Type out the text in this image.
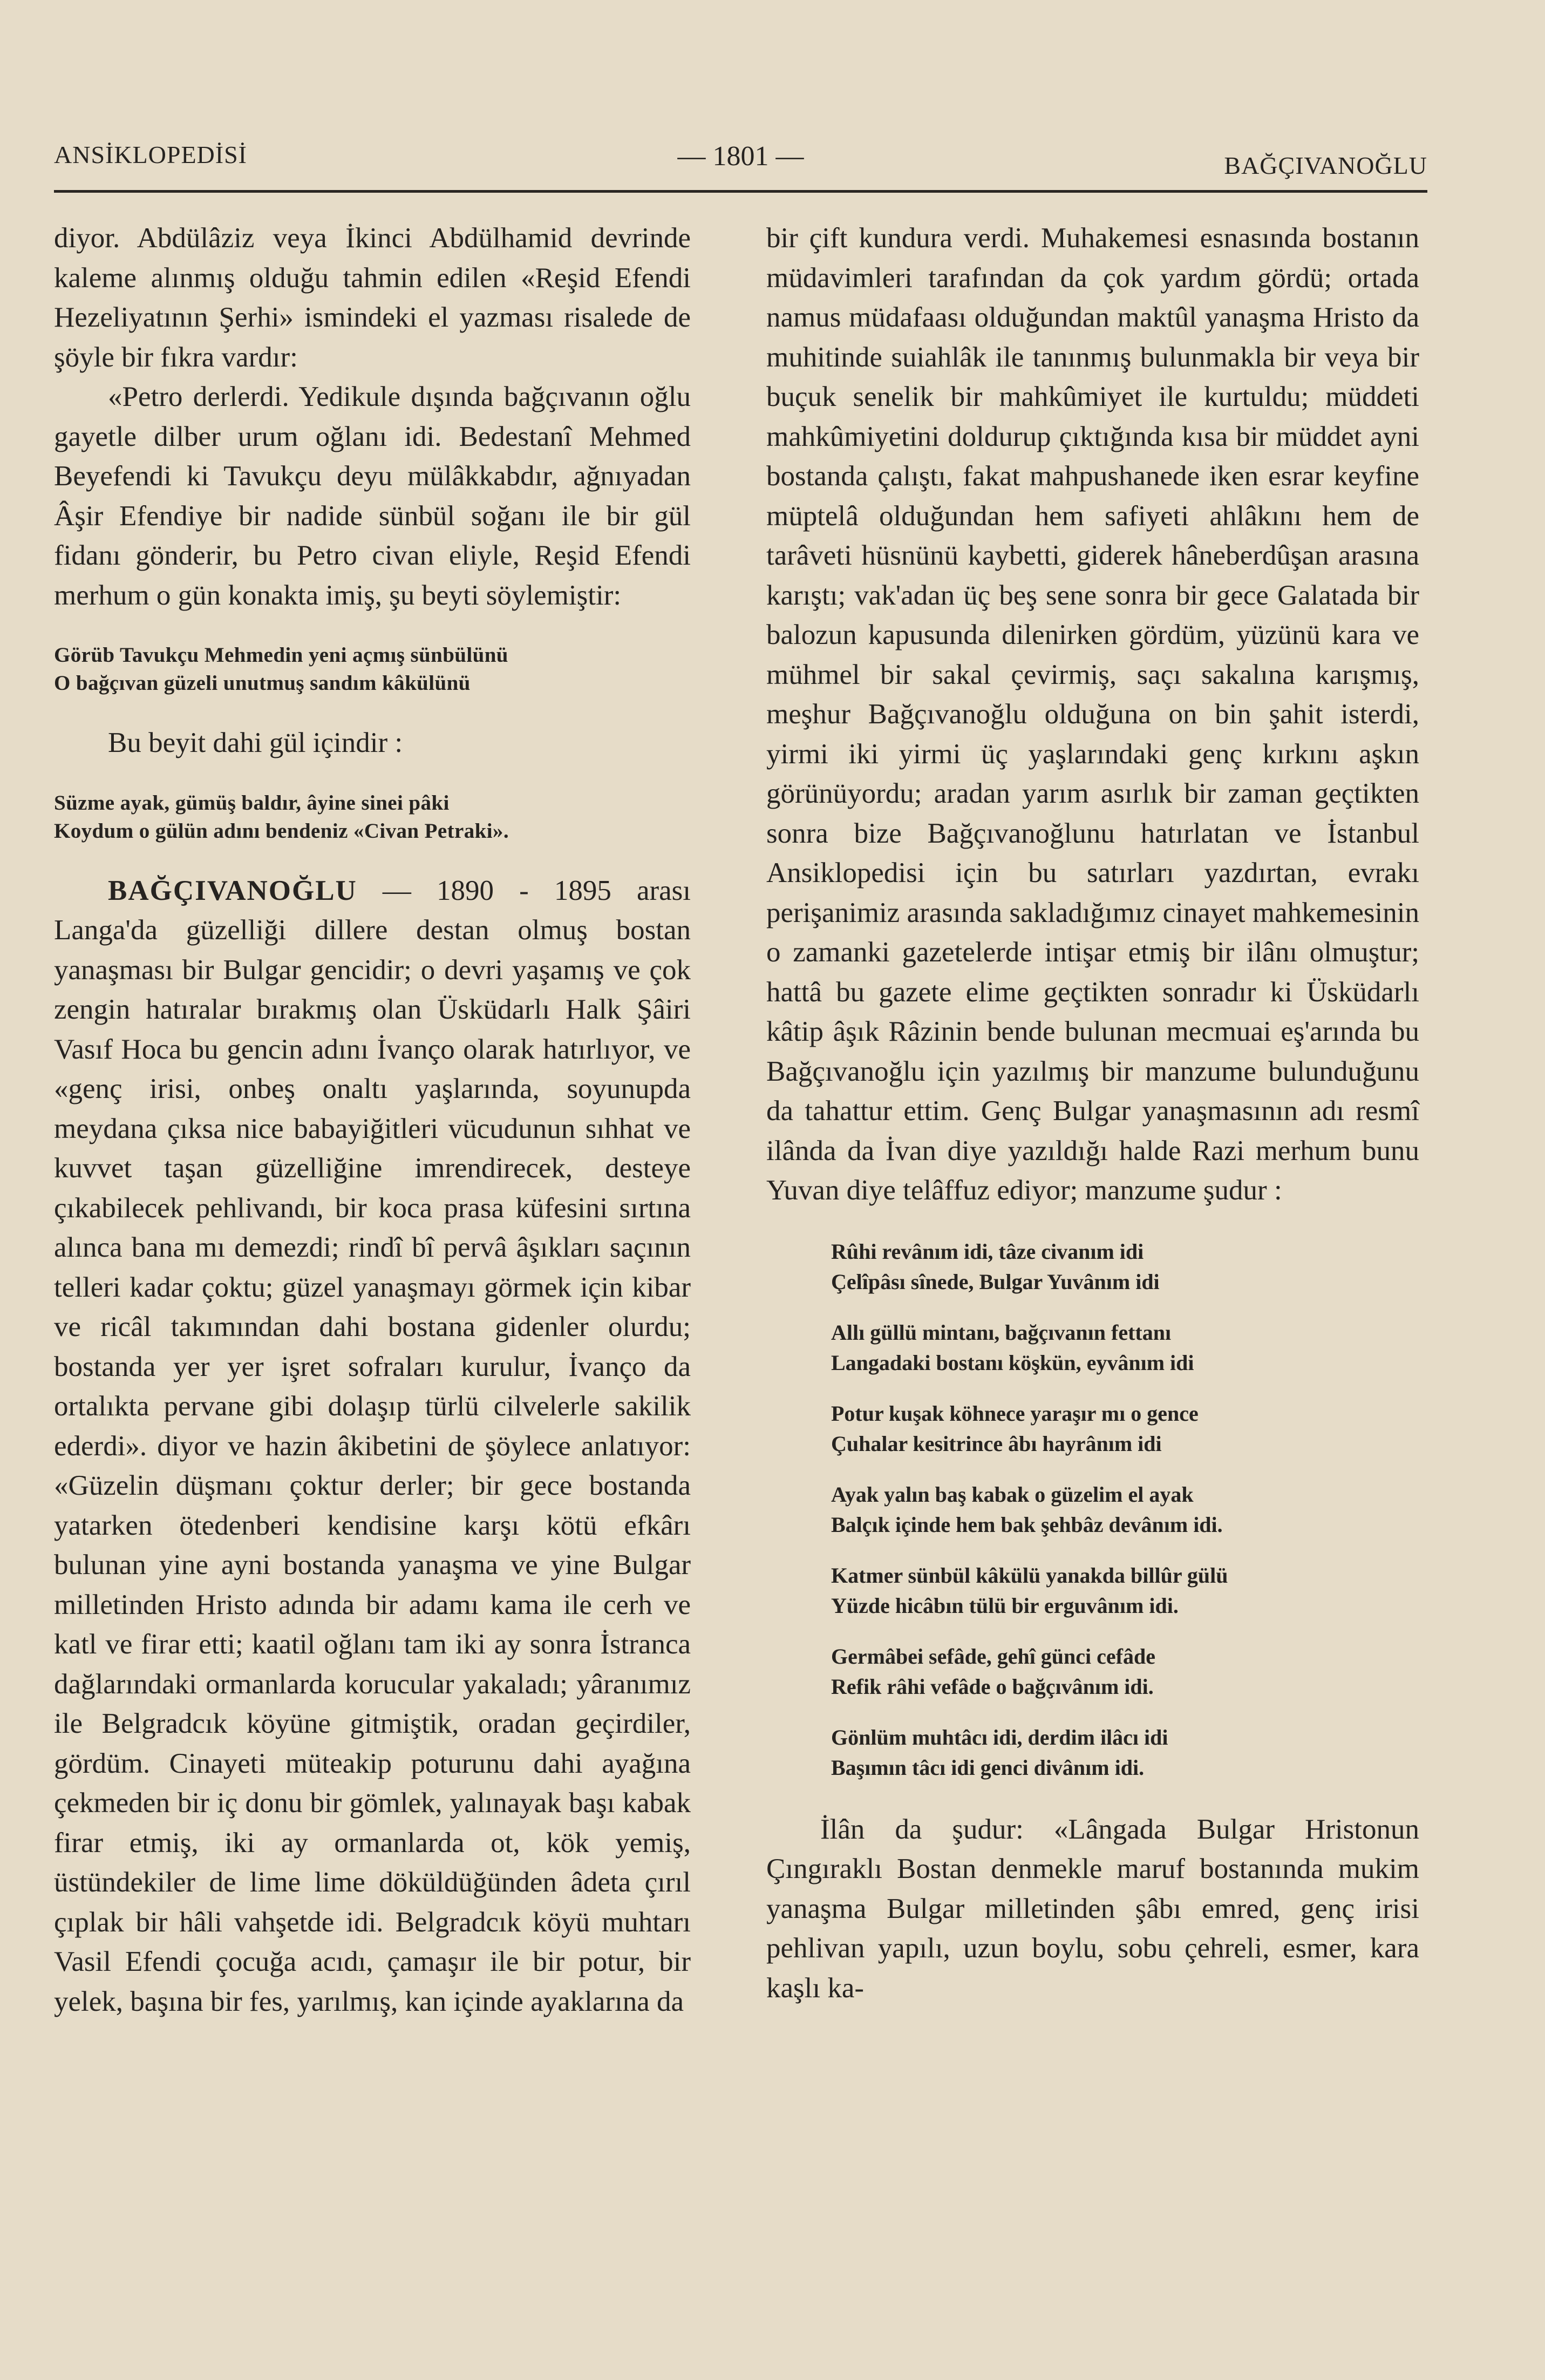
ANSİKLOPEDİSİ	— 1801 —	BAĞÇIVANOĞLU

diyor. Abdülâziz veya İkinci Abdülhamid devrinde kaleme alınmış olduğu tahmin edilen «Reşid Efendi Hezeliyatının Şerhi» ismindeki el yazması risalede de şöyle bir fıkra vardır:

«Petro derlerdi. Yedikule dışında bağçıvanın oğlu gayetle dilber urum oğlanı idi. Bedestanî Mehmed Beyefendi ki Tavukçu deyu mülâkkabdır, ağnıyadan Âşir Efendiye bir nadide sünbül soğanı ile bir gül fidanı gönderir, bu Petro civan eliyle, Reşid Efendi merhum o gün konakta imiş, şu beyti söylemiştir:

Görüb Tavukçu Mehmedin yeni açmış sünbülünü
O bağçıvan güzeli unutmuş sandım kâkülünü

Bu beyit dahi gül içindir :

Süzme ayak, gümüş baldır, âyine sinei pâki
Koydum o gülün adını bendeniz «Civan Petraki».

BAĞÇIVANOĞLU — 1890 - 1895 arası Langa'da güzelliği dillere destan olmuş bostan yanaşması bir Bulgar gencidir; o devri yaşamış ve çok zengin hatıralar bırakmış olan Üsküdarlı Halk Şâiri Vasıf Hoca bu gencin adını İvanço olarak hatırlıyor, ve «genç irisi, onbeş onaltı yaşlarında, soyunupda meydana çıksa nice babayiğitleri vücudunun sıhhat ve kuvvet taşan güzelliğine imrendirecek, desteye çıkabilecek pehlivandı, bir koca prasa küfesini sırtına alınca bana mı demezdi; rindî bî pervâ âşıkları saçının telleri kadar çoktu; güzel yanaşmayı görmek için kibar ve ricâl takımından dahi bostana gidenler olurdu; bostanda yer yer işret sofraları kurulur, İvanço da ortalıkta pervane gibi dolaşıp türlü cilvelerle sakilik ederdi». diyor ve hazin âkibetini de şöylece anlatıyor: «Güzelin düşmanı çoktur derler; bir gece bostanda yatarken ötedenberi kendisine karşı kötü efkârı bulunan yine ayni bostanda yanaşma ve yine Bulgar milletinden Hristo adında bir adamı kama ile cerh ve katl ve firar etti; kaatil oğlanı tam iki ay sonra İstranca dağlarındaki ormanlarda korucular yakaladı; yâranımız ile Belgradcık köyüne gitmiştik, oradan geçirdiler, gördüm. Cinayeti müteakip poturunu dahi ayağına çekmeden bir iç donu bir gömlek, yalınayak başı kabak firar etmiş, iki ay ormanlarda ot, kök yemiş, üstündekiler de lime lime döküldüğünden âdeta çırıl çıplak bir hâli vahşetde idi. Belgradcık köyü muhtarı Vasil Efendi çocuğa acıdı, çamaşır ile bir potur, bir yelek, başına bir fes, yarılmış, kan içinde ayaklarına da

bir çift kundura verdi. Muhakemesi esnasında bostanın müdavimleri tarafından da çok yardım gördü; ortada namus müdafaası olduğundan maktûl yanaşma Hristo da muhitinde suiahlâk ile tanınmış bulunmakla bir veya bir buçuk senelik bir mahkûmiyet ile kurtuldu; müddeti mahkûmiyetini doldurup çıktığında kısa bir müddet ayni bostanda çalıştı, fakat mahpushanede iken esrar keyfine müptelâ olduğundan hem safiyeti ahlâkını hem de tarâveti hüsnünü kaybetti, giderek hâneberdûşan arasına karıştı; vak'adan üç beş sene sonra bir gece Galatada bir balozun kapusunda dilenirken gördüm, yüzünü kara ve mühmel bir sakal çevirmiş, saçı sakalına karışmış, meşhur Bağçıvanoğlu olduğuna on bin şahit isterdi, yirmi iki yirmi üç yaşlarındaki genç kırkını aşkın görünüyordu; aradan yarım asırlık bir zaman geçtikten sonra bize Bağçıvanoğlunu hatırlatan ve İstanbul Ansiklopedisi için bu satırları yazdırtan, evrakı perişanimiz arasında sakladığımız cinayet mahkemesinin o zamanki gazetelerde intişar etmiş bir ilânı olmuştur; hattâ bu gazete elime geçtikten sonradır ki Üsküdarlı kâtip âşık Râzinin bende bulunan mecmuai eş'arında bu Bağçıvanoğlu için yazılmış bir manzume bulunduğunu da tahattur ettim. Genç Bulgar yanaşmasının adı resmî ilânda da İvan diye yazıldığı halde Razi merhum bunu Yuvan diye telâffuz ediyor; manzume şudur :

Rûhi revânım idi, tâze civanım idi
Çelîpâsı sînede, Bulgar Yuvânım idi
Allı güllü mintanı, bağçıvanın fettanı
Langadaki bostanı köşkün, eyvânım idi
Potur kuşak köhnece yaraşır mı o gence
Çuhalar kesitrince âbı hayrânım idi
Ayak yalın baş kabak o güzelim el ayak
Balçık içinde hem bak şehbâz devânım idi.
Katmer sünbül kâkülü yanakda billûr gülü
Yüzde hicâbın tülü bir erguvânım idi.
Germâbei sefâde, gehî günci cefâde
Refik râhi vefâde o bağçıvânım idi.
Gönlüm muhtâcı idi, derdim ilâcı idi
Başımın tâcı idi genci divânım idi.

İlân da şudur: «Lângada Bulgar Hristonun Çıngıraklı Bostan denmekle maruf bostanında mukim yanaşma Bulgar milletinden şâbı emred, genç irisi pehlivan yapılı, uzun boylu, sobu çehreli, esmer, kara kaşlı ka-
